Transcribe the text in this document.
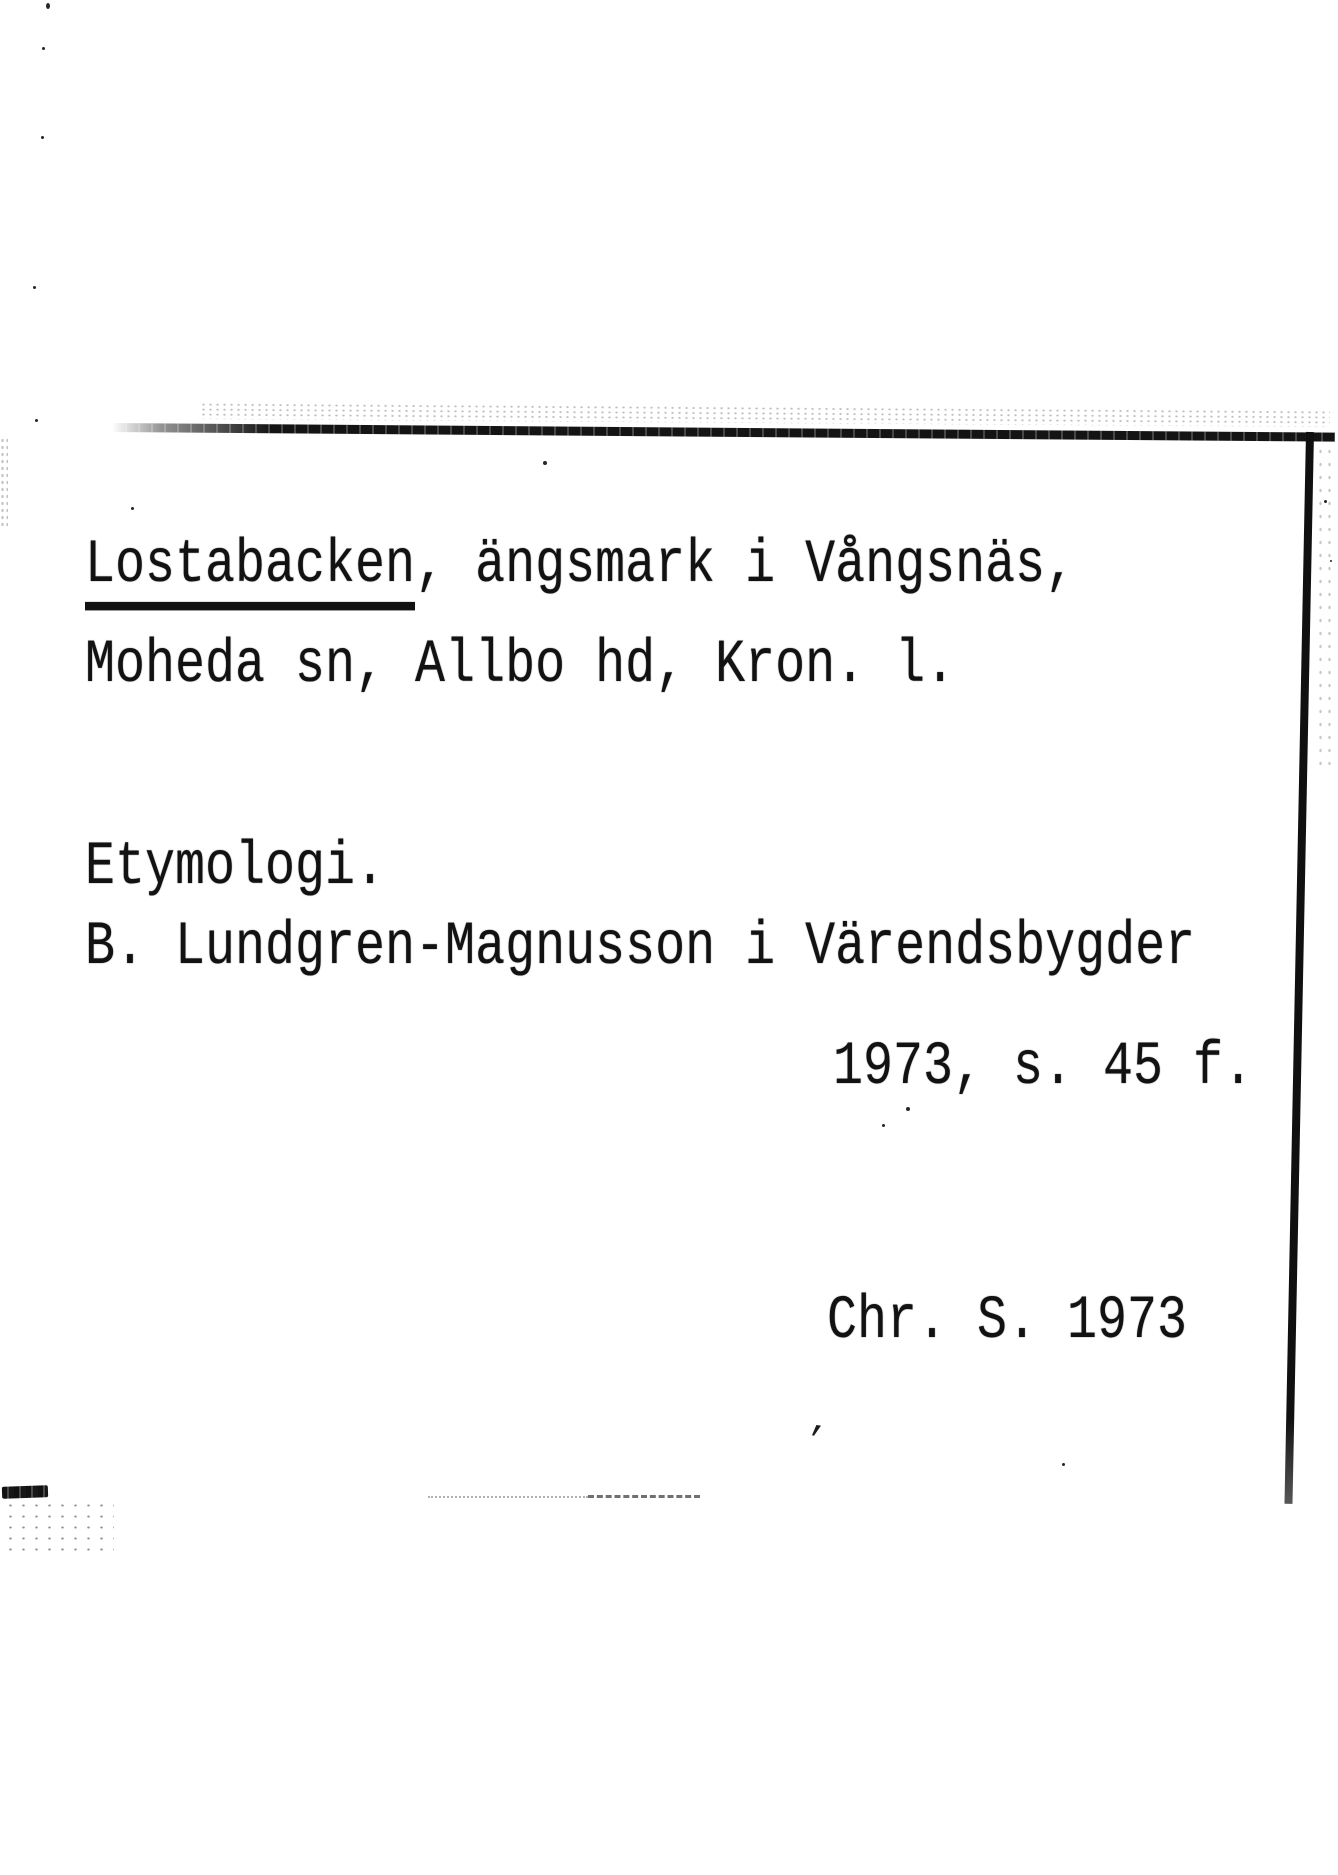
Lostabacken, ängsmark i Vångsnäs,
Moheda sn, Allbo hd, Kron. l.
Etymologi.
B. Lundgren-Magnusson i Värendsbygder
1973, s. 45 f.
Chr. S. 1973
’
